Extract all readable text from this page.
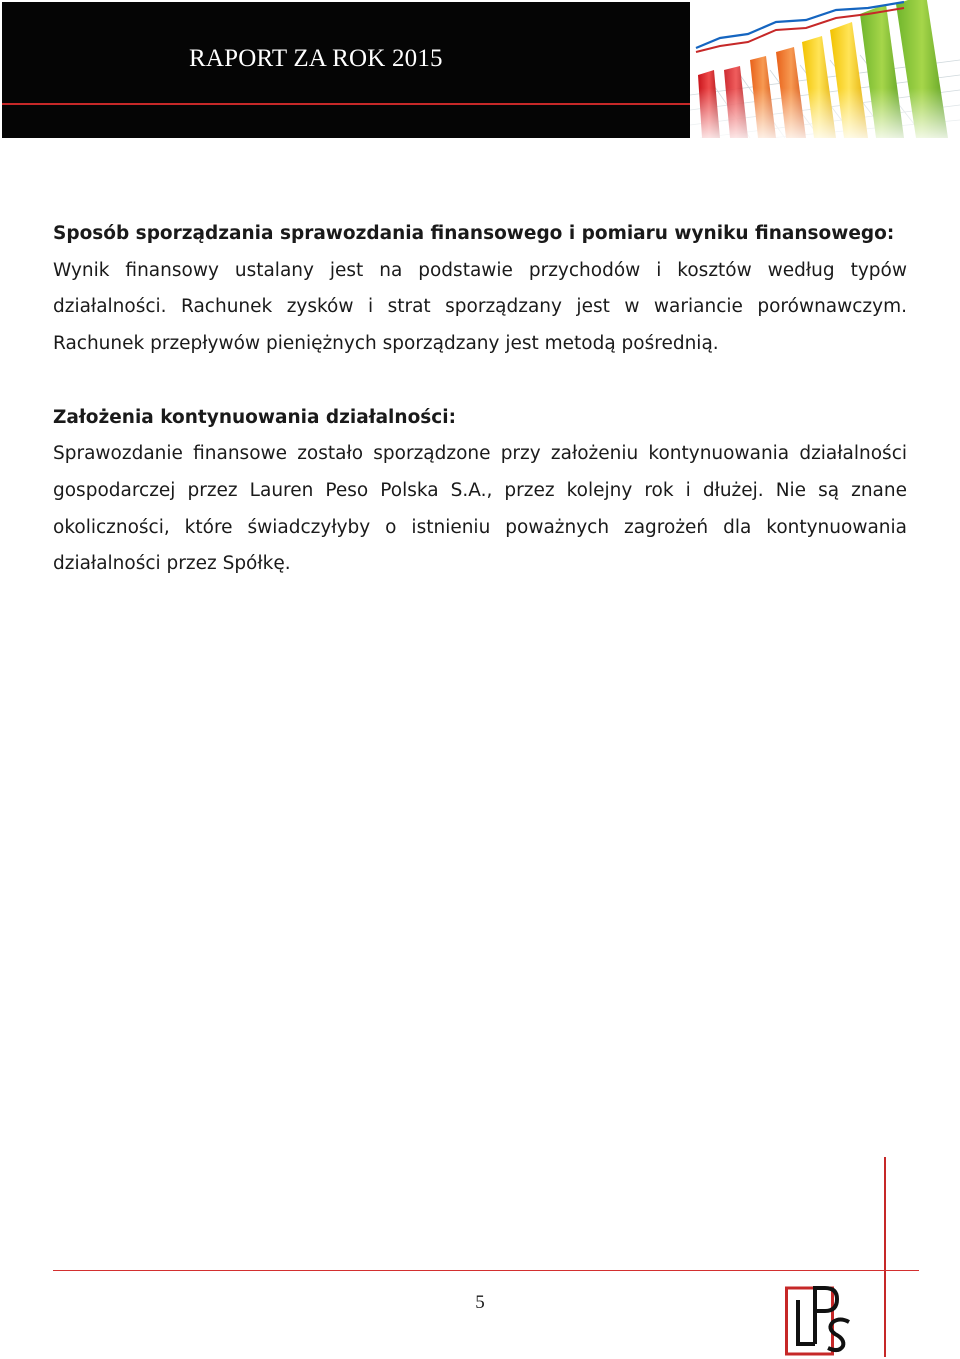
RAPORT ZA ROK 2015
Sposób sporządzania sprawozdania finansowego i pomiaru wyniku finansowego:

Wynik finansowy ustalany jest na podstawie przychodów i kosztów według typów działalności. Rachunek zysków i strat sporządzany jest w wariancie porównawczym. Rachunek przepływów pieniężnych sporządzany jest metodą pośrednią.

Założenia kontynuowania działalności:

Sprawozdanie finansowe zostało sporządzone przy założeniu kontynuowania działalności gospodarczej przez Lauren Peso Polska S.A., przez kolejny rok i dłużej. Nie są znane okoliczności, które świadczyłyby o istnieniu poważnych zagrożeń dla kontynuowania działalności przez Spółkę.

5
